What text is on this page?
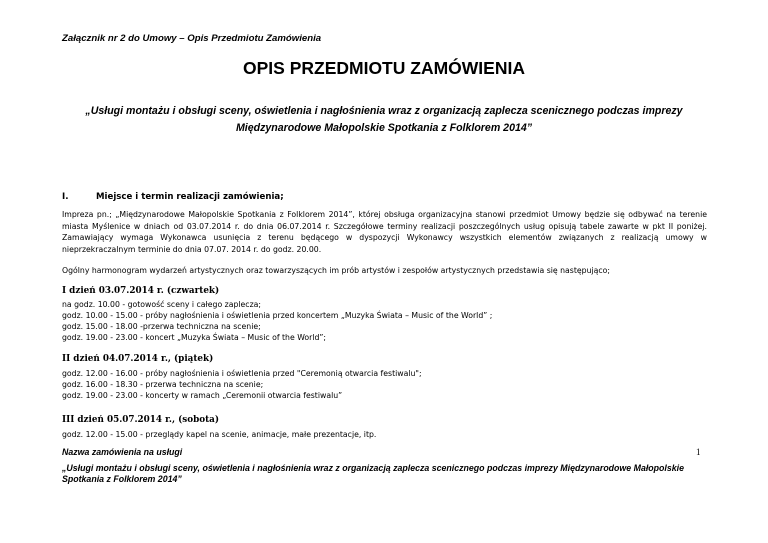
Załącznik nr 2 do Umowy – Opis Przedmiotu Zamówienia
OPIS PRZEDMIOTU ZAMÓWIENIA
„Usługi montażu i obsługi sceny, oświetlenia i nagłośnienia wraz z organizacją zaplecza scenicznego podczas imprezy Międzynarodowe Małopolskie Spotkania z Folklorem 2014”
I.	Miejsce i termin realizacji zamówienia;
Impreza pn.; „Międzynarodowe Małopolskie Spotkania z Folklorem 2014”, której obsługa organizacyjna stanowi przedmiot Umowy będzie się odbywać na terenie miasta Myślenice w dniach od 03.07.2014 r. do dnia 06.07.2014 r. Szczegółowe terminy realizacji poszczególnych usług opisują tabele zawarte w pkt II poniżej. Zamawiający wymaga Wykonawca usunięcia z terenu będącego w dyspozycji Wykonawcy wszystkich elementów związanych z realizacją umowy w nieprzekraczalnym terminie do dnia 07.07. 2014 r. do godz. 20.00.
Ogólny harmonogram wydarzeń artystycznych oraz towarzyszących im prób artystów i zespołów artystycznych przedstawia się następująco;
I dzień 03.07.2014 r. (czwartek)
na godz. 10.00 - gotowość sceny i całego zaplecza;
godz. 10.00 - 15.00 - próby nagłośnienia i oświetlenia przed koncertem „Muzyka Świata – Music of the World” ;
godz. 15.00 - 18.00 -przerwa techniczna na scenie;
godz. 19.00 - 23.00 - koncert „Muzyka Świata – Music of the World”;
II dzień 04.07.2014 r., (piątek)
godz. 12.00 - 16.00 - próby nagłośnienia i oświetlenia przed "Ceremonią otwarcia festiwalu";
godz. 16.00 - 18.30 - przerwa techniczna na scenie;
godz. 19.00 - 23.00 - koncerty w ramach „Ceremonii otwarcia festiwalu”
III dzień 05.07.2014 r., (sobota)
godz. 12.00 - 15.00 - przeglądy kapel na scenie, animacje, małe prezentacje, itp.
Nazwa zamówienia na usługi	1
„Usługi montażu i obsługi sceny, oświetlenia i nagłośnienia wraz z organizacją zaplecza scenicznego podczas imprezy Międzynarodowe Małopolskie Spotkania z Folklorem 2014”
